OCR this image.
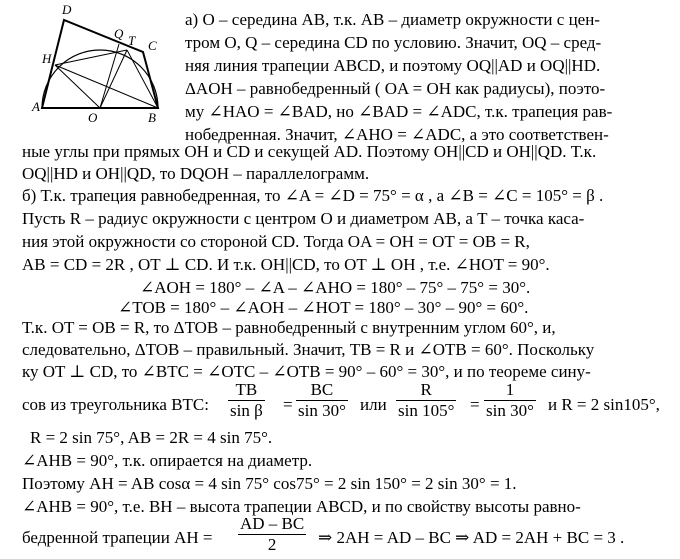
D
Q T
H
C
A
O	B
а) O – середина AB, т.к. AB – диаметр окружности с цен-
тром O, Q – середина CD по условию. Значит, OQ – сред-
няя линия трапеции ABCD, и поэтому OQ||AD и OQ||HD.
ΔAOH – равнобедренный ( OA = OH как радиусы), поэто-
му ∠HAO = ∠BAD, но ∠BAD = ∠ADC, т.к. трапеция рав-
нобедренная. Значит, ∠AHO = ∠ADC, а это соответствен-
ные углы при прямых OH и CD и секущей AD. Поэтому OH||CD и OH||QD. Т.к.
OQ||HD и OH||QD, то DQOH – параллелограмм.
б) Т.к. трапеция равнобедренная, то ∠A = ∠D = 75° = α , а ∠B = ∠C = 105° = β .
Пусть R – радиус окружности с центром O и диаметром AB, а T – точка каса-
ния этой окружности со стороной CD. Тогда OA = OH = OT = OB = R,
AB = CD = 2R , OT ⊥ CD. И т.к. OH||CD, то OT ⊥ OH , т.е. ∠HOT = 90°.
∠AOH = 180° – ∠A – ∠AHO = 180° – 75° – 75° = 30°.
∠TOB = 180° – ∠AOH – ∠HOT = 180° – 30° – 90° = 60°.
Т.к. OT = OB = R, то ΔTOB – равнобедренный с внутренним углом 60°, и,
следовательно, ΔTOB – правильный. Значит, TB = R и ∠OTB = 60°. Поскольку
ку OT ⊥ CD, то ∠BTC = ∠OTC – ∠OTB = 90° – 60° = 30°, и по теореме сину-
сов из треугольника BTC: $\frac{TB}{\text{sin β}} = \frac{BC}{\sin 30^\circ}$ или $\frac{R}{\sin 105^\circ} = \frac{1}{\sin 30^\circ}$ и R = 2 sin105°,
R = 2 sin 75°, AB = 2R = 4 sin 75°.
∠AHB = 90°, т.к. опирается на диаметр.
Поэтому AH = AB cosα = 4 sin 75° cos75° = 2 sin 150° = 2 sin 30° = 1.
∠AHB = 90°, т.е. BH – высота трапеции ABCD, и по свойству высоты равно-
бедренной трапеции AH = $\frac{AD - BC}{2}$ ⇒ 2AH = AD – BC ⇒ AD = 2AH + BC = 3 .
